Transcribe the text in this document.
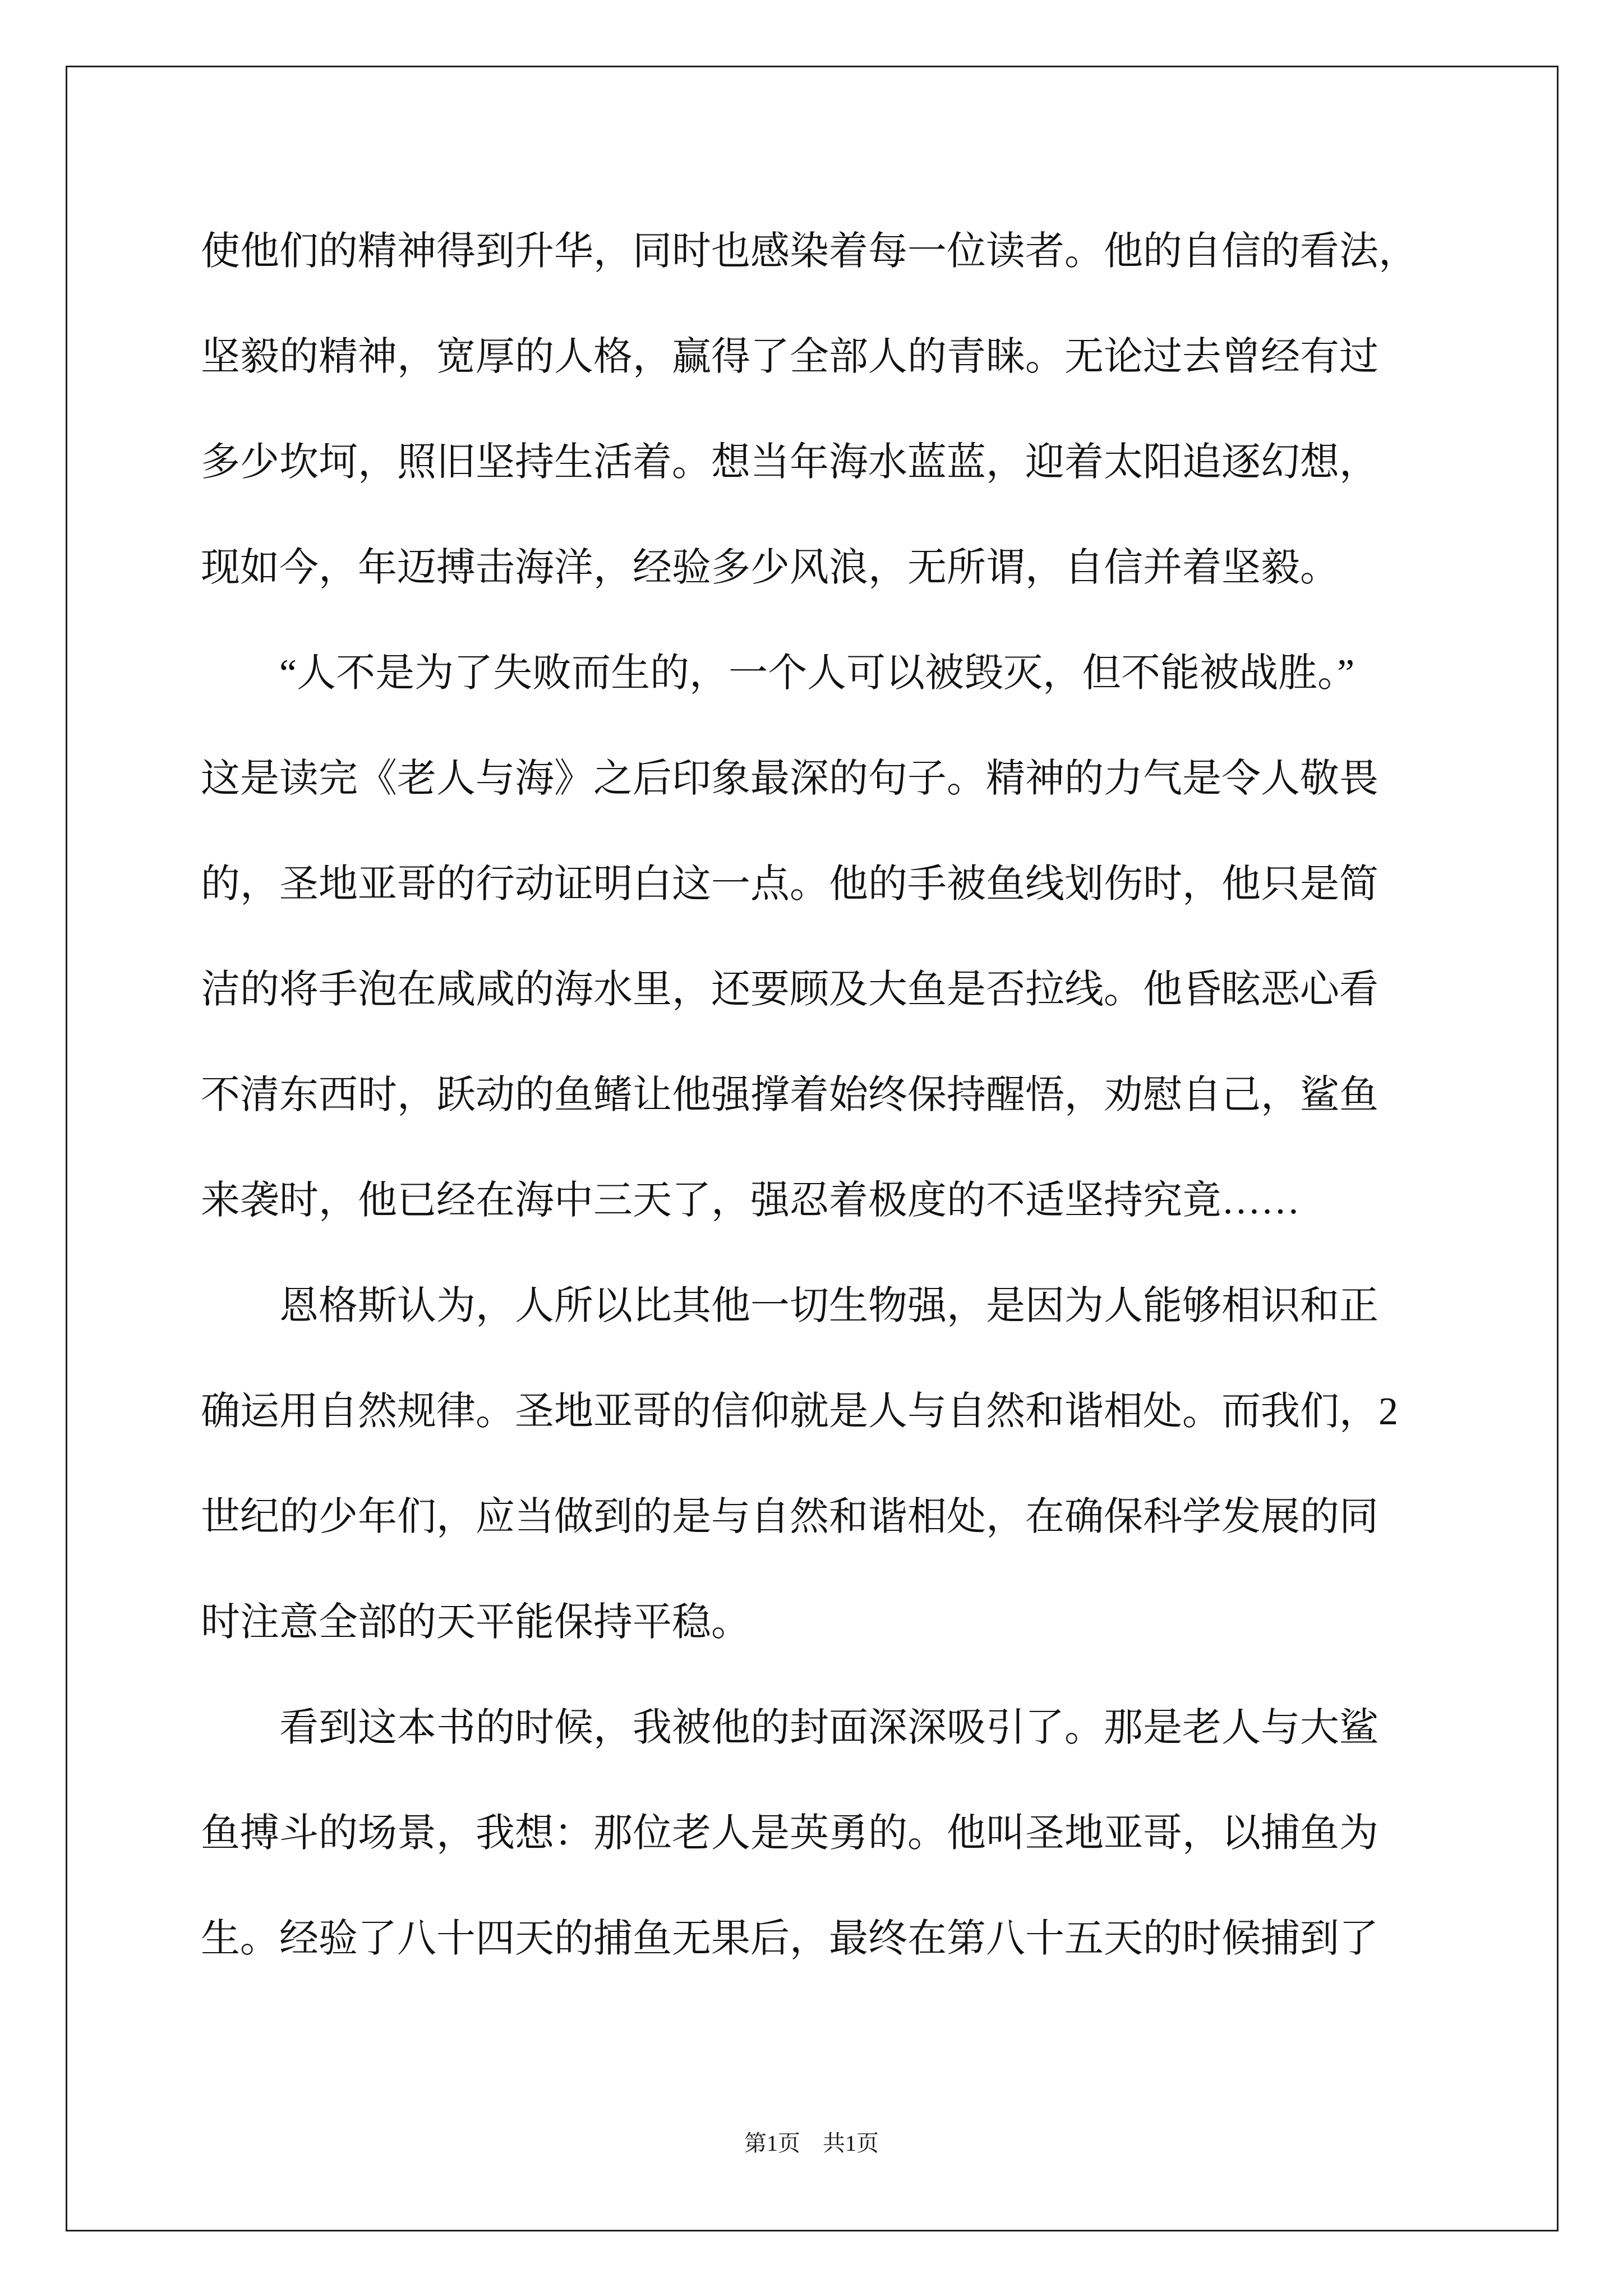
使他们的精神得到升华，同时也感染着每一位读者。他的自信的看法，
坚毅的精神，宽厚的人格，赢得了全部人的青睐。无论过去曾经有过
多少坎坷，照旧坚持生活着。想当年海水蓝蓝，迎着太阳追逐幻想，
现如今，年迈搏击海洋，经验多少风浪，无所谓，自信并着坚毅。
“人不是为了失败而生的，一个人可以被毁灭，但不能被战胜。”
这是读完《老人与海》之后印象最深的句子。精神的力气是令人敬畏
的，圣地亚哥的行动证明白这一点。他的手被鱼线划伤时，他只是简
洁的将手泡在咸咸的海水里，还要顾及大鱼是否拉线。他昏眩恶心看
不清东西时，跃动的鱼鳍让他强撑着始终保持醒悟，劝慰自己，鲨鱼
来袭时，他已经在海中三天了，强忍着极度的不适坚持究竟……
恩格斯认为，人所以比其他一切生物强，是因为人能够相识和正
确运用自然规律。圣地亚哥的信仰就是人与自然和谐相处。而我们，2
世纪的少年们，应当做到的是与自然和谐相处，在确保科学发展的同
时注意全部的天平能保持平稳。
看到这本书的时候，我被他的封面深深吸引了。那是老人与大鲨
鱼搏斗的场景，我想：那位老人是英勇的。他叫圣地亚哥，以捕鱼为
生。经验了八十四天的捕鱼无果后，最终在第八十五天的时候捕到了
第1页　共1页
